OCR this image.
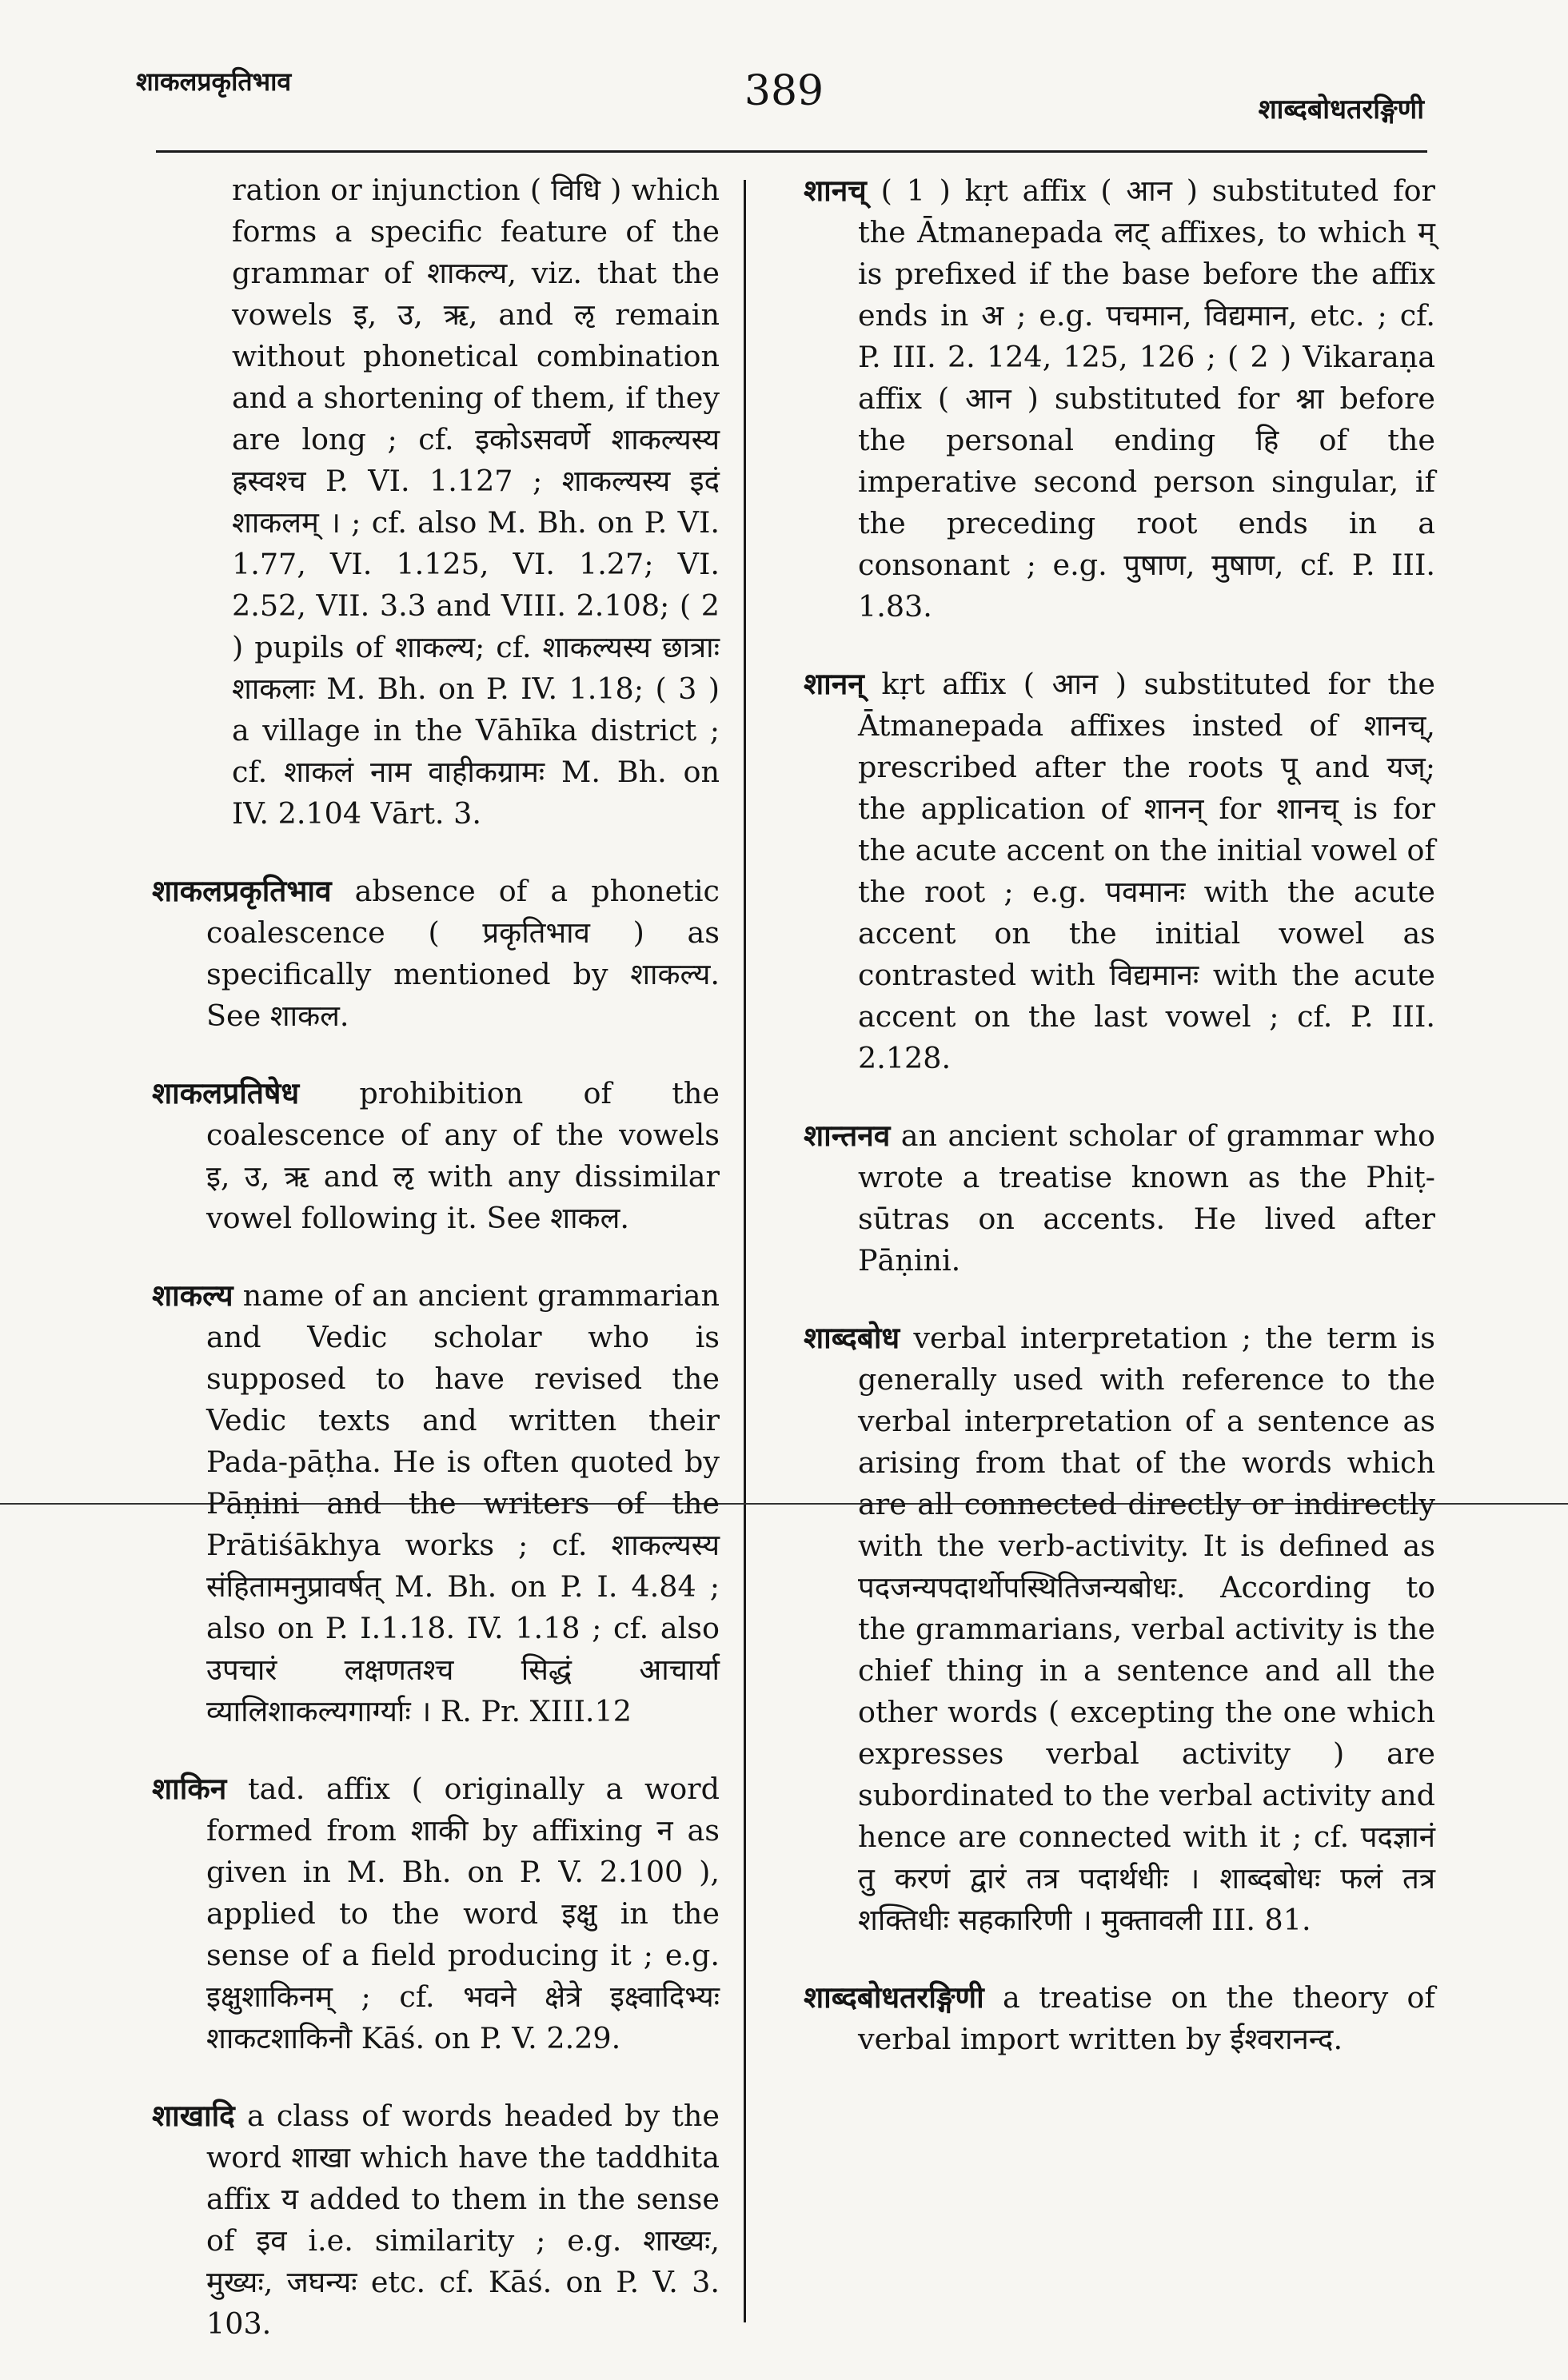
शाकलप्रकृतिभाव	389	शाब्दबोधतरङ्गिणी

ration or injunction ( विधि ) which forms a specific feature of the grammar of शाकल्य, viz. that the vowels इ, उ, ऋ, and ऌ remain without phonetical combination and a shortening of them, if they are long ; cf. इकोऽसवर्णे शाकल्यस्य ह्रस्वश्च P. VI. 1.127 ; शाकल्यस्य इदं शाकलम् । ; cf. also M. Bh. on P. VI. 1.77, VI. 1.125, VI. 1.27; VI. 2.52, VII. 3.3 and VIII. 2.108; ( 2 ) pupils of शाकल्य; cf. शाकल्यस्य छात्राः शाकलाः M. Bh. on P. IV. 1.18; ( 3 ) a village in the Vāhīka district ; cf. शाकलं नाम वाहीकग्रामः M. Bh. on IV. 2.104 Vārt. 3.

शाकलप्रकृतिभाव absence of a phonetic coalescence ( प्रकृतिभाव ) as specifically mentioned by शाकल्य. See शाकल.

शाकलप्रतिषेध prohibition of the coalescence of any of the vowels इ, उ, ऋ and ऌ with any dissimilar vowel following it. See शाकल.

शाकल्य name of an ancient grammarian and Vedic scholar who is supposed to have revised the Vedic texts and written their Pada-pāṭha. He is often quoted by Pāṇini and the writers of the Prātiśākhya works ; cf. शाकल्यस्य संहितामनुप्रावर्षत् M. Bh. on P. I. 4.84 ; also on P. I.1.18. IV. 1.18 ; cf. also उपचारं लक्षणतश्च सिद्धं आचार्या व्यालिशाकल्यगार्ग्याः । R. Pr. XIII.12

शाकिन tad. affix ( originally a word formed from शाकी by affixing न as given in M. Bh. on P. V. 2.100 ), applied to the word इक्षु in the sense of a field producing it ; e.g. इक्षुशाकिनम् ; cf. भवने क्षेत्रे इक्ष्वादिभ्यः शाकटशाकिनौ Kāś. on P. V. 2.29.

शाखादि a class of words headed by the word शाखा which have the taddhita affix य added to them in the sense of इव i.e. similarity ; e.g. शाख्यः, मुख्यः, जघन्यः etc. cf. Kāś. on P. V. 3. 103.

शानच् ( 1 ) kṛt affix ( आन ) substituted for the Ātmanepada लट् affixes, to which म् is prefixed if the base before the affix ends in अ ; e.g. पचमान, विद्यमान, etc. ; cf. P. III. 2. 124, 125, 126 ; ( 2 ) Vikaraṇa affix ( आन ) substituted for श्ना before the personal ending हि of the imperative second person singular, if the preceding root ends in a consonant ; e.g. पुषाण, मुषाण, cf. P. III. 1.83.

शानन् kṛt affix ( आन ) substituted for the Ātmanepada affixes insted of शानच्, prescribed after the roots पू and यज्; the application of शानन् for शानच् is for the acute accent on the initial vowel of the root ; e.g. पवमानः with the acute accent on the initial vowel as contrasted with विद्यमानः with the acute accent on the last vowel ; cf. P. III. 2.128.

शान्तनव an ancient scholar of grammar who wrote a treatise known as the Phiṭ-sūtras on accents. He lived after Pāṇini.

शाब्दबोध verbal interpretation ; the term is generally used with reference to the verbal interpretation of a sentence as arising from that of the words which are all connected directly or indirectly with the verb-activity. It is defined as पदजन्यपदार्थोपस्थितिजन्यबोधः. According to the grammarians, verbal activity is the chief thing in a sentence and all the other words ( excepting the one which expresses verbal activity ) are subordinated to the verbal activity and hence are connected with it ; cf. पदज्ञानं तु करणं द्वारं तत्र पदार्थधीः । शाब्दबोधः फलं तत्र शक्तिधीः सहकारिणी । मुक्तावली III. 81.

शाब्दबोधतरङ्गिणी a treatise on the theory of verbal import written by ईश्वरानन्द.
